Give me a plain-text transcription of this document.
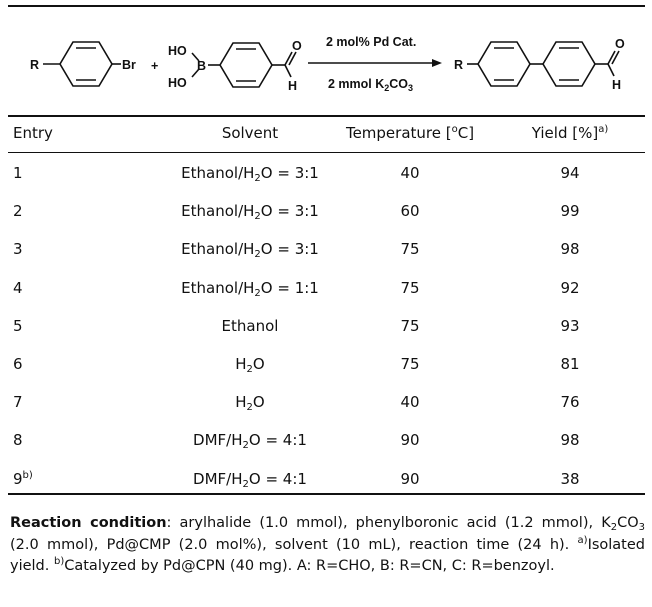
R	Br +
HO
HO
B
O
H
2 mol% Pd Cat.
2 mmol $K_2CO_3$
R
O
H
Entry	Solvent	Temperature [$^o$C]	Yield [%]$^{a)}$
1	Ethanol/$H_2O$ = 3:1	40	94
2	Ethanol/$H_2O$ = 3:1	60	99
3	Ethanol/$H_2O$ = 3:1	75	98
4	Ethanol/$H_2O$ = 1:1	75	92
5	Ethanol	75	93
6	$H_2O$	75	81
7	$H_2O$	40	76
8	DMF/$H_2O$ = 4:1	90	98
9$^{b)}$	DMF/$H_2O$ = 4:1	90	38
Reaction condition: arylhalide (1.0 mmol), phenylboronic acid (1.2 mmol), $K_2CO_3$ (2.0 mmol), Pd@CMP (2.0 mol%), solvent (10 mL), reaction time (24 h). $^{a)}$Isolated yield. $^{b)}$Catalyzed by Pd@CPN (40 mg). A: R=CHO, B: R=CN, C: R=benzoyl.
